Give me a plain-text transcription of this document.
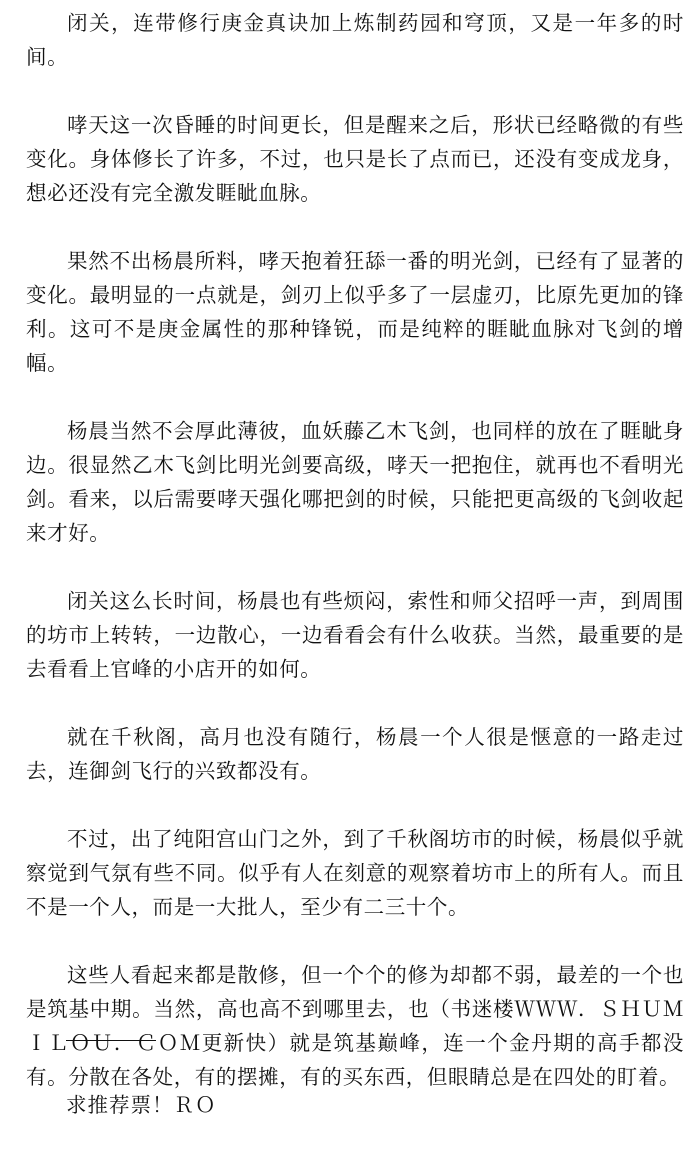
闭关，连带修行庚金真诀加上炼制药园和穹顶，又是一年多的时间。

哮天这一次昏睡的时间更长，但是醒来之后，形状已经略微的有些变化。身体修长了许多，不过，也只是长了点而已，还没有变成龙身，想必还没有完全激发睚眦血脉。

果然不出杨晨所料，哮天抱着狂舔一番的明光剑，已经有了显著的变化。最明显的一点就是，剑刃上似乎多了一层虚刃，比原先更加的锋利。这可不是庚金属性的那种锋锐，而是纯粹的睚眦血脉对飞剑的增幅。

杨晨当然不会厚此薄彼，血妖藤乙木飞剑，也同样的放在了睚眦身边。很显然乙木飞剑比明光剑要高级，哮天一把抱住，就再也不看明光剑。看来，以后需要哮天强化哪把剑的时候，只能把更高级的飞剑收起来才好。

闭关这么长时间，杨晨也有些烦闷，索性和师父招呼一声，到周围的坊市上转转，一边散心，一边看看会有什么收获。当然，最重要的是去看看上官峰的小店开的如何。

就在千秋阁，高月也没有随行，杨晨一个人很是惬意的一路走过去，连御剑飞行的兴致都没有。

不过，出了纯阳宫山门之外，到了千秋阁坊市的时候，杨晨似乎就察觉到气氛有些不同。似乎有人在刻意的观察着坊市上的所有人。而且不是一个人，而是一大批人，至少有二三十个。

这些人看起来都是散修，但一个个的修为却都不弱，最差的一个也是筑基中期。当然，高也高不到哪里去，也（书迷楼ＷＷＷ．ＳＨＵＭＩＬＯＵ．ＣＯＭ更新快）就是筑基巅峰，连一个金丹期的高手都没有。分散在各处，有的摆摊，有的买东西，但眼睛总是在四处的盯着。

求推荐票！ＲＯ
